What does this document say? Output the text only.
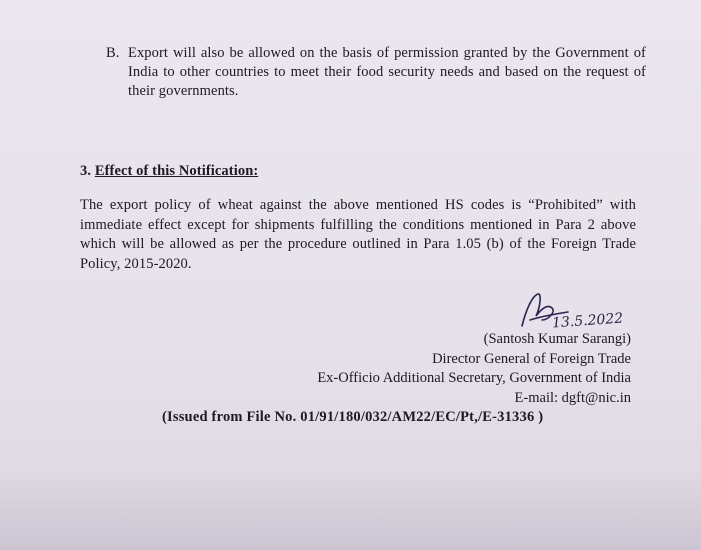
B. Export will also be allowed on the basis of permission granted by the Government of India to other countries to meet their food security needs and based on the request of their governments.
3. Effect of this Notification:
The export policy of wheat against the above mentioned HS codes is “Prohibited” with immediate effect except for shipments fulfilling the conditions mentioned in Para 2 above which will be allowed as per the procedure outlined in Para 1.05 (b) of the Foreign Trade Policy, 2015-2020.
13.5.2022
(Santosh Kumar Sarangi)
Director General of Foreign Trade
Ex-Officio Additional Secretary, Government of India
E-mail: dgft@nic.in
(Issued from File No. 01/91/180/032/AM22/EC/Pt,/E-31336 )
